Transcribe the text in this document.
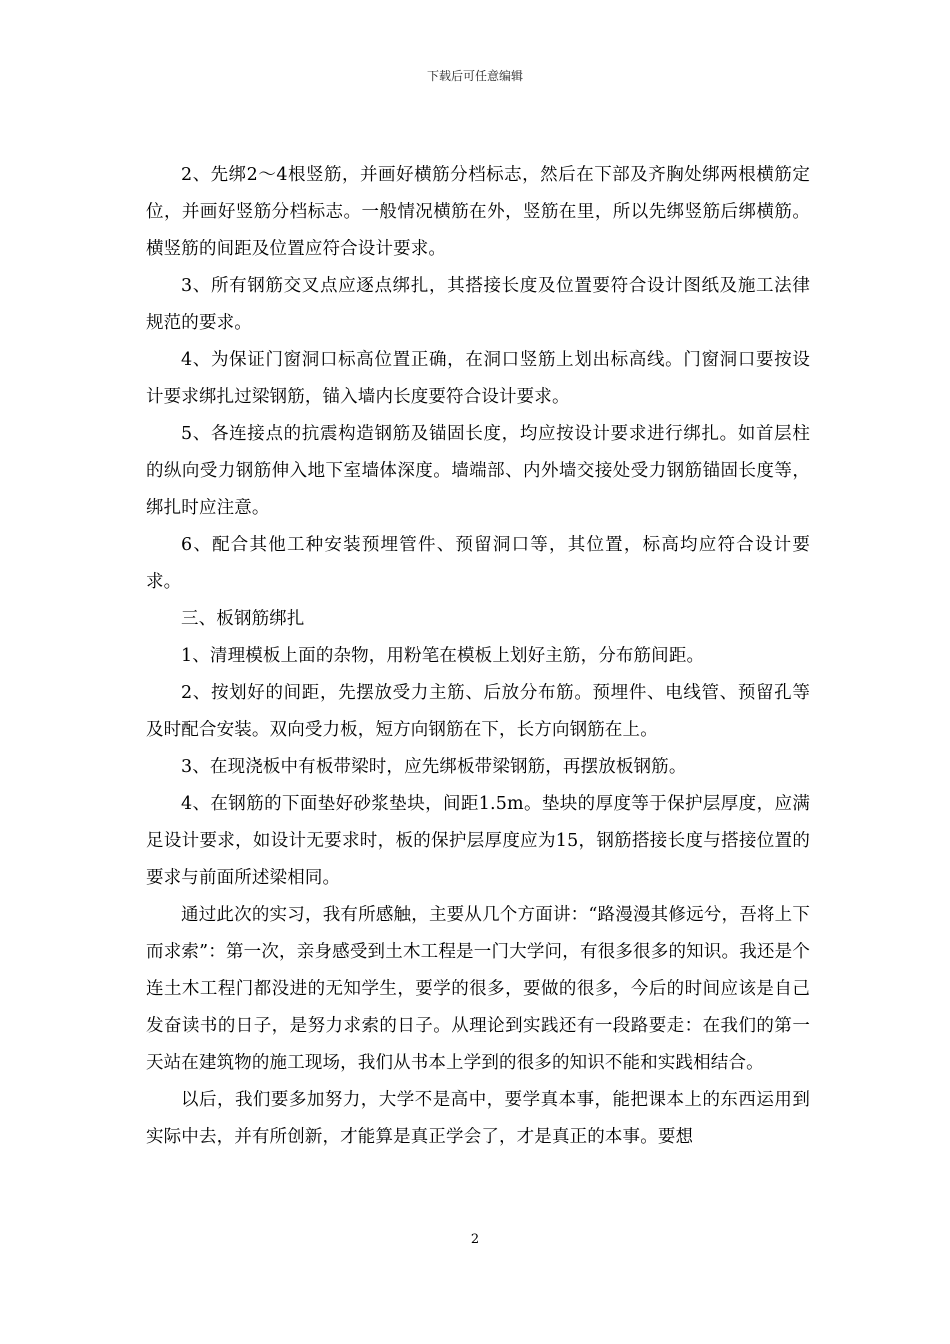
下载后可任意编辑

2、先绑2～4根竖筋，并画好横筋分档标志，然后在下部及齐胸处绑两根横筋定位，并画好竖筋分档标志。一般情况横筋在外，竖筋在里，所以先绑竖筋后绑横筋。横竖筋的间距及位置应符合设计要求。

3、所有钢筋交叉点应逐点绑扎，其搭接长度及位置要符合设计图纸及施工法律规范的要求。

4、为保证门窗洞口标高位置正确，在洞口竖筋上划出标高线。门窗洞口要按设计要求绑扎过梁钢筋，锚入墙内长度要符合设计要求。

5、各连接点的抗震构造钢筋及锚固长度，均应按设计要求进行绑扎。如首层柱的纵向受力钢筋伸入地下室墙体深度。墙端部、内外墙交接处受力钢筋锚固长度等，绑扎时应注意。

6、配合其他工种安装预埋管件、预留洞口等，其位置，标高均应符合设计要求。

三、板钢筋绑扎

1、清理模板上面的杂物，用粉笔在模板上划好主筋，分布筋间距。

2、按划好的间距，先摆放受力主筋、后放分布筋。预埋件、电线管、预留孔等及时配合安装。双向受力板，短方向钢筋在下，长方向钢筋在上。

3、在现浇板中有板带梁时，应先绑板带梁钢筋，再摆放板钢筋。

4、在钢筋的下面垫好砂浆垫块，间距1.5m。垫块的厚度等于保护层厚度，应满足设计要求，如设计无要求时，板的保护层厚度应为15，钢筋搭接长度与搭接位置的要求与前面所述梁相同。

通过此次的实习，我有所感触，主要从几个方面讲：“路漫漫其修远兮，吾将上下而求索”：第一次，亲身感受到土木工程是一门大学问，有很多很多的知识。我还是个连土木工程门都没进的无知学生，要学的很多，要做的很多，今后的时间应该是自己发奋读书的日子，是努力求索的日子。从理论到实践还有一段路要走：在我们的第一天站在建筑物的施工现场，我们从书本上学到的很多的知识不能和实践相结合。

以后，我们要多加努力，大学不是高中，要学真本事，能把课本上的东西运用到实际中去，并有所创新，才能算是真正学会了，才是真正的本事。要想

2
